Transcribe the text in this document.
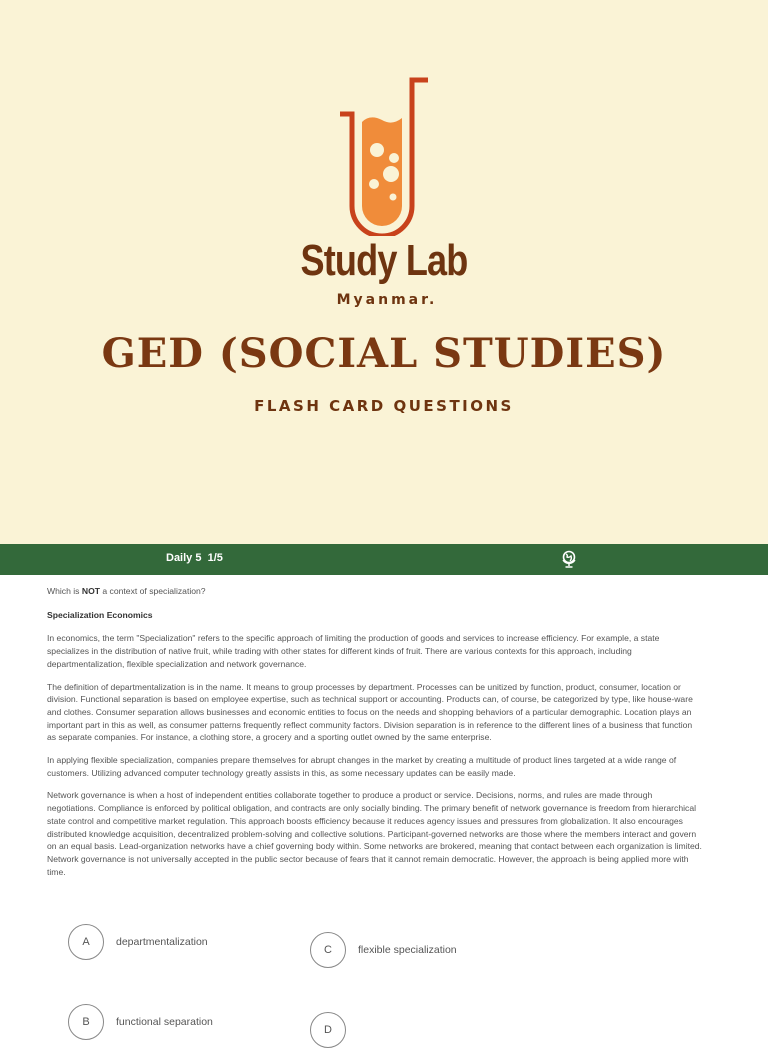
Study Lab
Myanmar.
GED (SOCIAL STUDIES)
FLASH CARD QUESTIONS
Daily 5  1/5
Which is NOT a context of specialization?
Specialization Economics

In economics, the term "Specialization" refers to the specific approach of limiting the production of goods and services to increase efficiency. For example, a state specializes in the distribution of native fruit, while trading with other states for different kinds of fruit. There are various contexts for this approach, including departmentalization, flexible specialization and network governance.

The definition of departmentalization is in the name. It means to group processes by department. Processes can be unitized by function, product, consumer, location or division. Functional separation is based on employee expertise, such as technical support or accounting. Products can, of course, be categorized by type, like house-ware and clothes. Consumer separation allows businesses and economic entities to focus on the needs and shopping behaviors of a particular demographic. Location plays an important part in this as well, as consumer patterns frequently reflect community factors. Division separation is in reference to the different lines of a business that function as separate companies. For instance, a clothing store, a grocery and a sporting outlet owned by the same enterprise.

In applying flexible specialization, companies prepare themselves for abrupt changes in the market by creating a multitude of product lines targeted at a wide range of customers. Utilizing advanced computer technology greatly assists in this, as some necessary updates can be easily made.

Network governance is when a host of independent entities collaborate together to produce a product or service. Decisions, norms, and rules are made through negotiations. Compliance is enforced by political obligation, and contracts are only socially binding. The primary benefit of network governance is freedom from hierarchical state control and competitive market regulation. This approach boosts efficiency because it reduces agency issues and pressures from globalization. It also encourages distributed knowledge acquisition, decentralized problem-solving and collective solutions. Participant-governed networks are those where the members interact and govern on an equal basis. Lead-organization networks have a chief governing body within. Some networks are brokered, meaning that contact between each organization is limited. Network governance is not universally accepted in the public sector because of fears that it cannot remain democratic. However, the approach is being applied more with time.

A	departmentalization
C	flexible specialization
B	functional separation
D
